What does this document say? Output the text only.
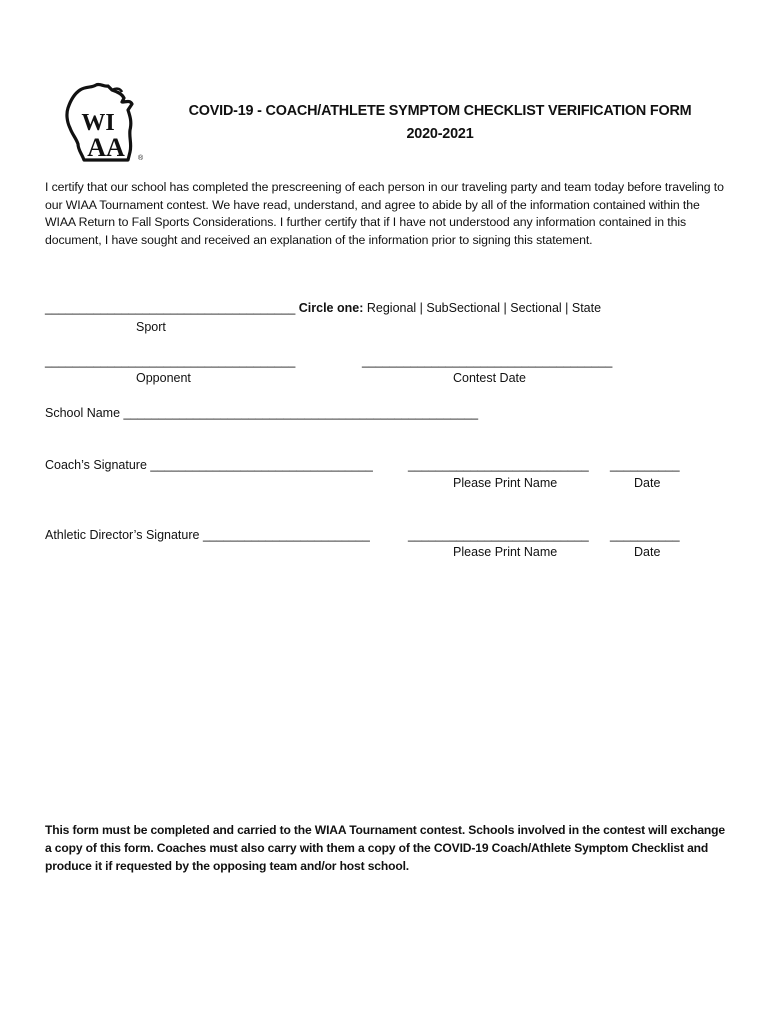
WI
AA ®
COVID-19 - COACH/ATHLETE SYMPTOM CHECKLIST VERIFICATION FORM
2020-2021
I certify that our school has completed the prescreening of each person in our traveling party and team today before traveling to our WIAA Tournament contest. We have read, understand, and agree to abide by all of the information contained within the WIAA Return to Fall Sports Considerations. I further certify that if I have not understood any information contained in this document, I have sought and received an explanation of the information prior to signing this statement.
____________________________________ Circle one: Regional | SubSectional | Sectional | State
Sport
____________________________________	____________________________________
Opponent	Contest Date
School Name ___________________________________________________
Coach’s Signature ________________________________	__________________________ __________
Please Print Name	Date
Athletic Director’s Signature ________________________	__________________________ __________
Please Print Name	Date
This form must be completed and carried to the WIAA Tournament contest. Schools involved in the contest will exchange a copy of this form. Coaches must also carry with them a copy of the COVID-19 Coach/Athlete Symptom Checklist and produce it if requested by the opposing team and/or host school.
